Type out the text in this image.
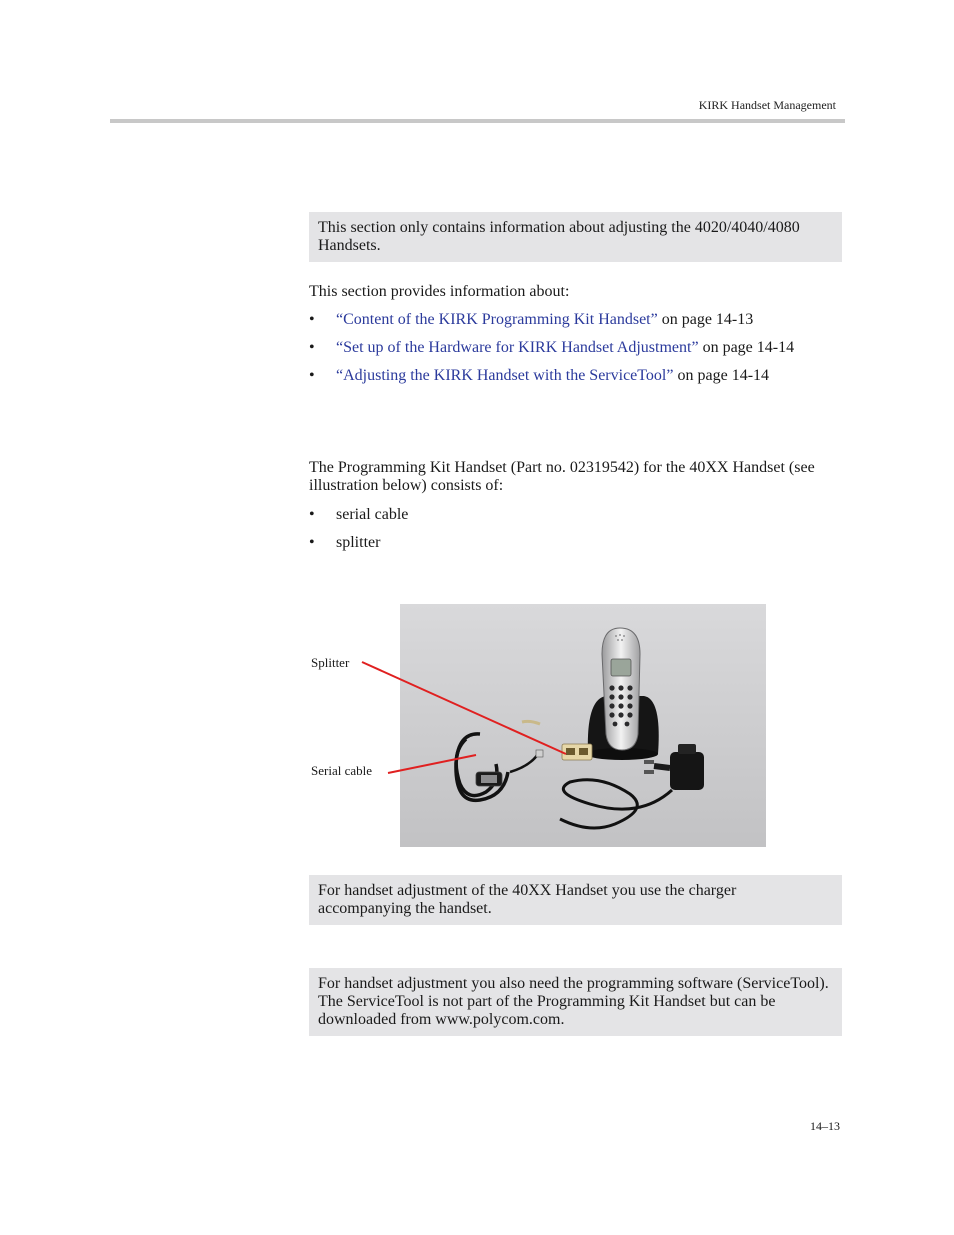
KIRK Handset Management
This section only contains information about adjusting the 4020/4040/4080 Handsets.
This section provides information about:
• “Content of the KIRK Programming Kit Handset” on page 14-13
• “Set up of the Hardware for KIRK Handset Adjustment” on page 14-14
• “Adjusting the KIRK Handset with the ServiceTool” on page 14-14
The Programming Kit Handset (Part no. 02319542) for the 40XX Handset (see illustration below) consists of:
• serial cable
• splitter
Splitter
Serial cable
For handset adjustment of the 40XX Handset you use the charger accompanying the handset.
For handset adjustment you also need the programming software (ServiceTool). The ServiceTool is not part of the Programming Kit Handset but can be downloaded from www.polycom.com.
14–13
